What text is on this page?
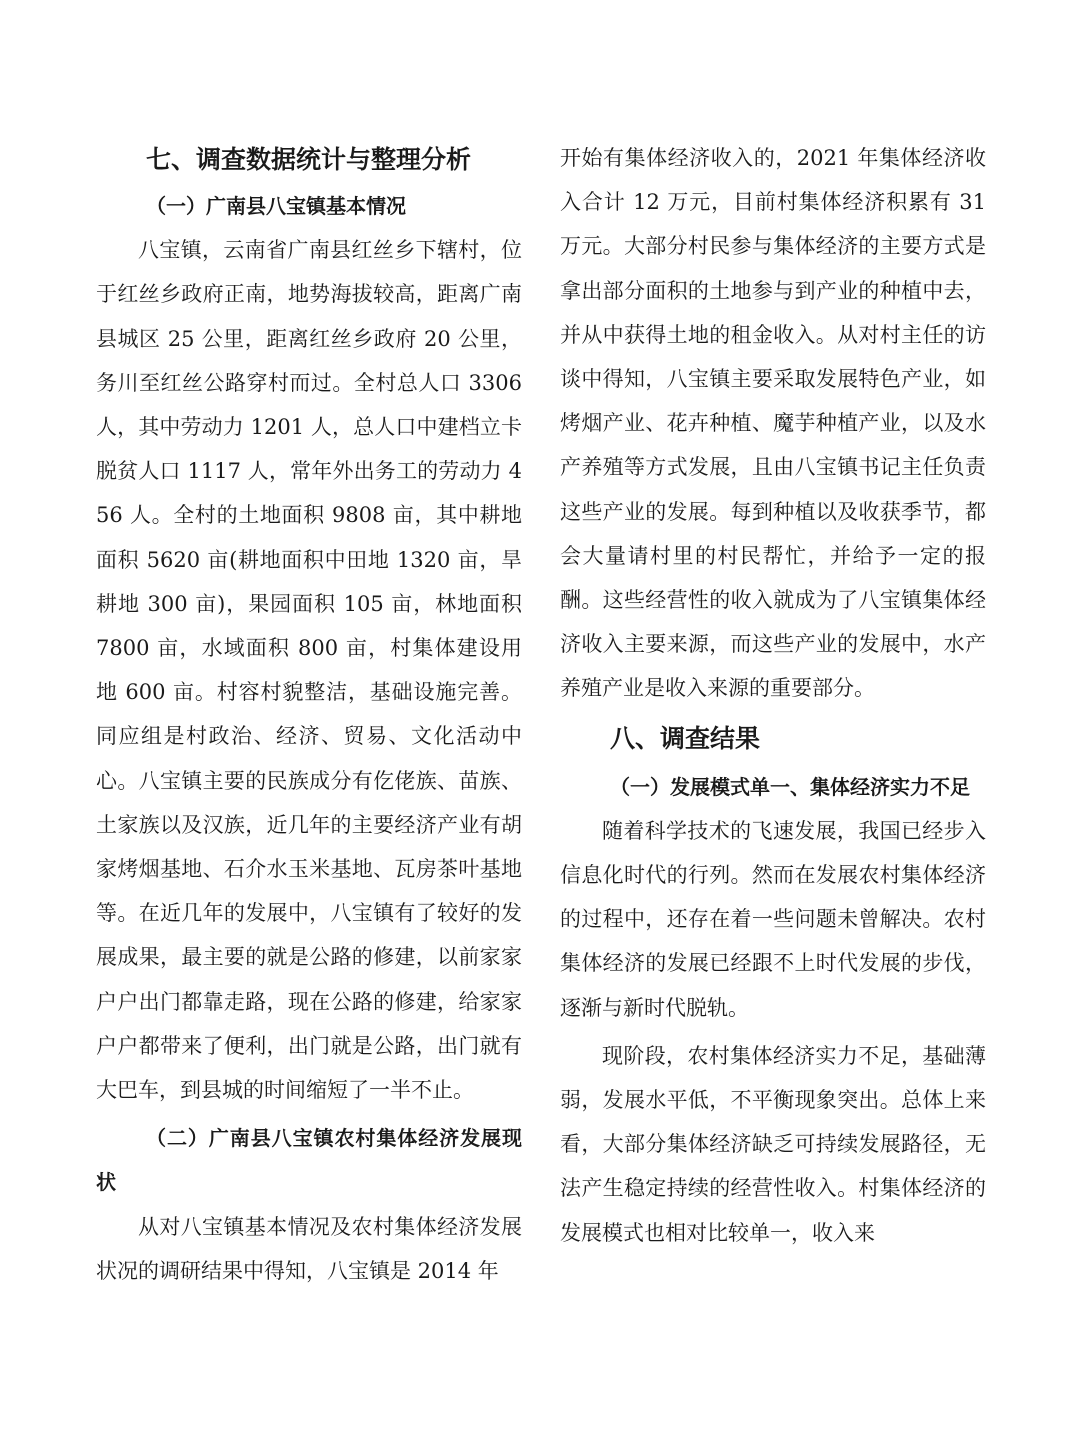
七、调查数据统计与整理分析
（一）广南县八宝镇基本情况

八宝镇，云南省广南县红丝乡下辖村，位于红丝乡政府正南，地势海拔较高，距离广南县城区 25 公里，距离红丝乡政府 20 公里，务川至红丝公路穿村而过。全村总人口 3306 人，其中劳动力 1201 人，总人口中建档立卡脱贫人口 1117 人，常年外出务工的劳动力 456 人。全村的土地面积 9808 亩，其中耕地面积 5620 亩(耕地面积中田地 1320 亩，旱耕地 300 亩)，果园面积 105 亩，林地面积 7800 亩，水域面积 800 亩，村集体建设用地 600 亩。村容村貌整洁，基础设施完善。同应组是村政治、经济、贸易、文化活动中心。八宝镇主要的民族成分有仡佬族、苗族、土家族以及汉族，近几年的主要经济产业有胡家烤烟基地、石介水玉米基地、瓦房茶叶基地等。在近几年的发展中，八宝镇有了较好的发展成果，最主要的就是公路的修建，以前家家户户出门都靠走路，现在公路的修建，给家家户户都带来了便利，出门就是公路，出门就有大巴车，到县城的时间缩短了一半不止。

（二）广南县八宝镇农村集体经济发展现状

从对八宝镇基本情况及农村集体经济发展状况的调研结果中得知，八宝镇是 2014 年

开始有集体经济收入的，2021 年集体经济收入合计 12 万元，目前村集体经济积累有 31 万元。大部分村民参与集体经济的主要方式是拿出部分面积的土地参与到产业的种植中去，并从中获得土地的租金收入。从对村主任的访谈中得知，八宝镇主要采取发展特色产业，如烤烟产业、花卉种植、魔芋种植产业，以及水产养殖等方式发展，且由八宝镇书记主任负责这些产业的发展。每到种植以及收获季节，都会大量请村里的村民帮忙，并给予一定的报酬。这些经营性的收入就成为了八宝镇集体经济收入主要来源，而这些产业的发展中，水产养殖产业是收入来源的重要部分。

八、调查结果
（一）发展模式单一、集体经济实力不足

随着科学技术的飞速发展，我国已经步入信息化时代的行列。然而在发展农村集体经济的过程中，还存在着一些问题未曾解决。农村集体经济的发展已经跟不上时代发展的步伐，逐渐与新时代脱轨。

现阶段，农村集体经济实力不足，基础薄弱，发展水平低，不平衡现象突出。总体上来看，大部分集体经济缺乏可持续发展路径，无法产生稳定持续的经营性收入。村集体经济的发展模式也相对比较单一，收入来
